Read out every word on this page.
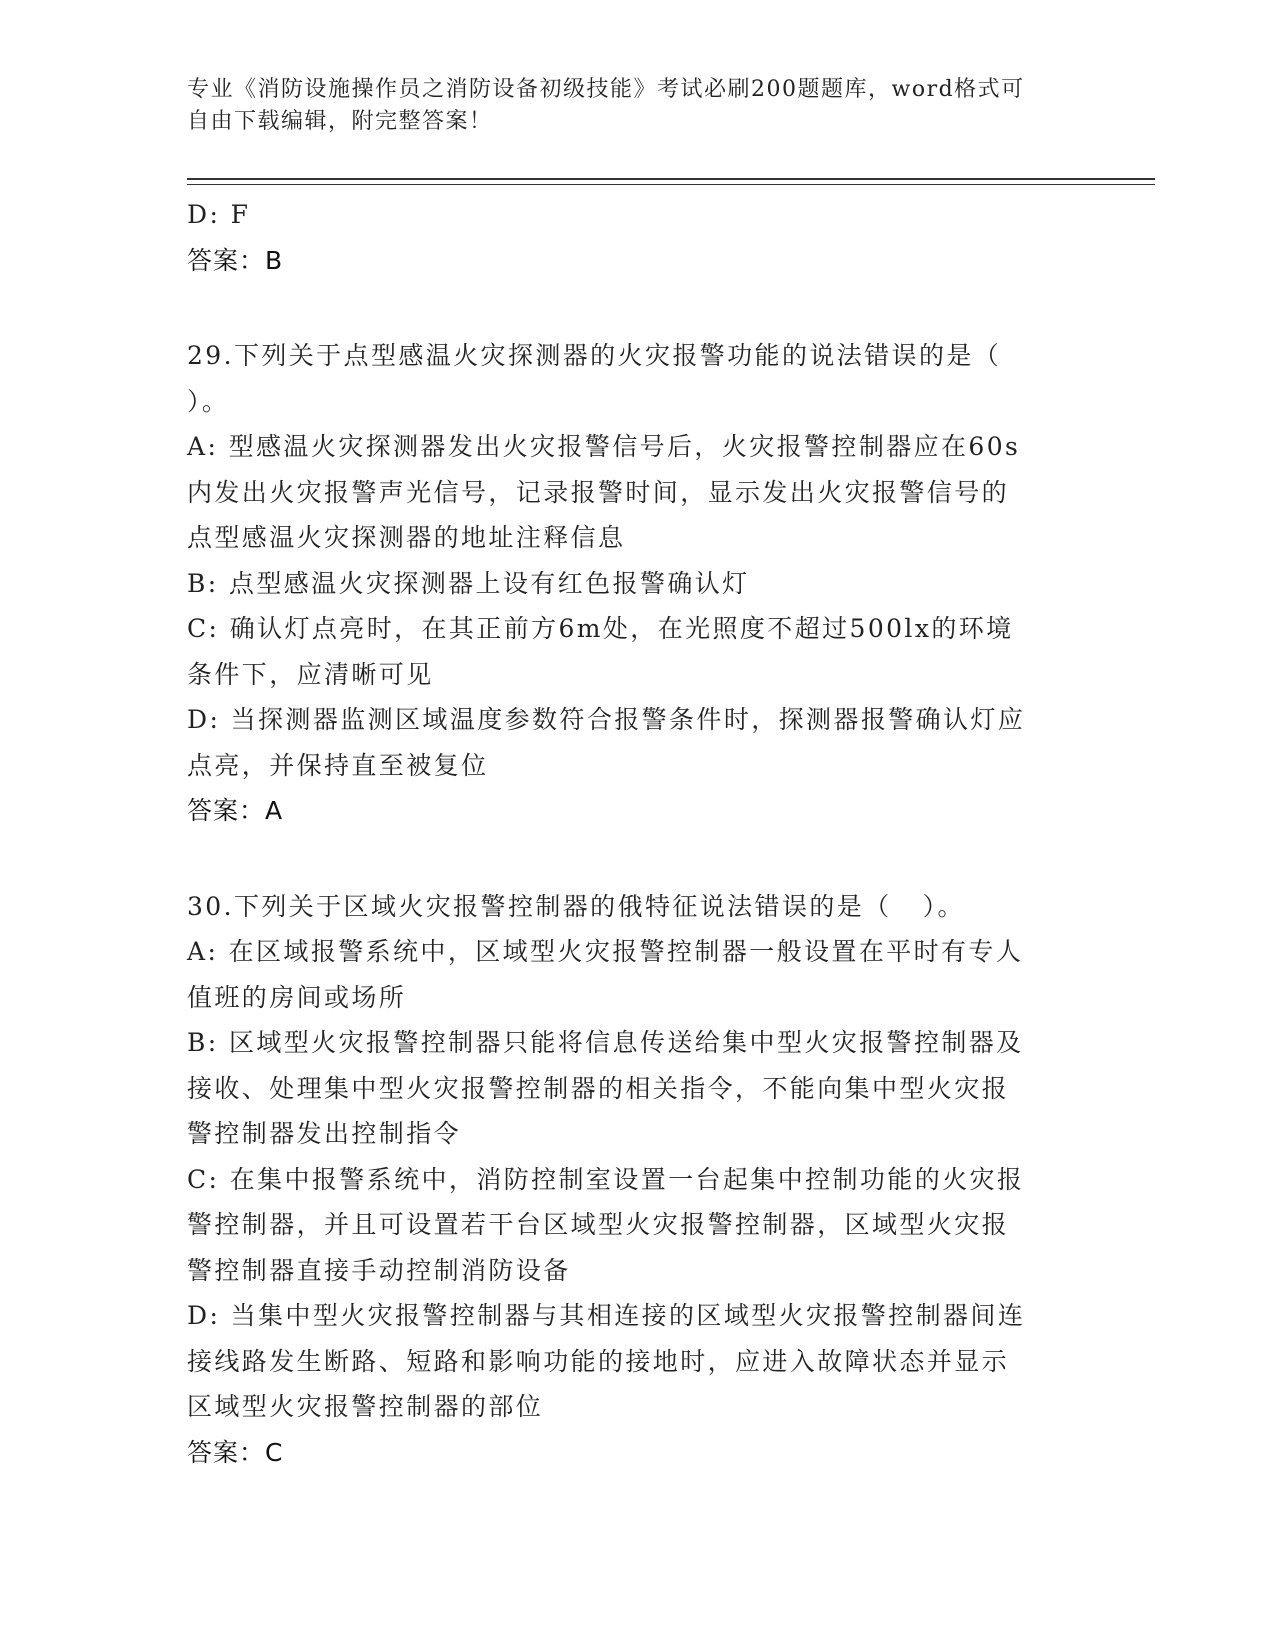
专业《消防设施操作员之消防设备初级技能》考试必刷200题题库，word格式可
自由下载编辑，附完整答案！
D: F
答案：B
29.下列关于点型感温火灾探测器的火灾报警功能的说法错误的是（
）。
A: 型感温火灾探测器发出火灾报警信号后，火灾报警控制器应在60s
内发出火灾报警声光信号，记录报警时间，显示发出火灾报警信号的
点型感温火灾探测器的地址注释信息
B: 点型感温火灾探测器上设有红色报警确认灯
C: 确认灯点亮时，在其正前方6m处，在光照度不超过500lx的环境
条件下，应清晰可见
D: 当探测器监测区域温度参数符合报警条件时，探测器报警确认灯应
点亮，并保持直至被复位
答案：A
30.下列关于区域火灾报警控制器的俄特征说法错误的是（   ）。
A: 在区域报警系统中，区域型火灾报警控制器一般设置在平时有专人
值班的房间或场所
B: 区域型火灾报警控制器只能将信息传送给集中型火灾报警控制器及
接收、处理集中型火灾报警控制器的相关指令，不能向集中型火灾报
警控制器发出控制指令
C: 在集中报警系统中，消防控制室设置一台起集中控制功能的火灾报
警控制器，并且可设置若干台区域型火灾报警控制器，区域型火灾报
警控制器直接手动控制消防设备
D: 当集中型火灾报警控制器与其相连接的区域型火灾报警控制器间连
接线路发生断路、短路和影响功能的接地时，应进入故障状态并显示
区域型火灾报警控制器的部位
答案：C
